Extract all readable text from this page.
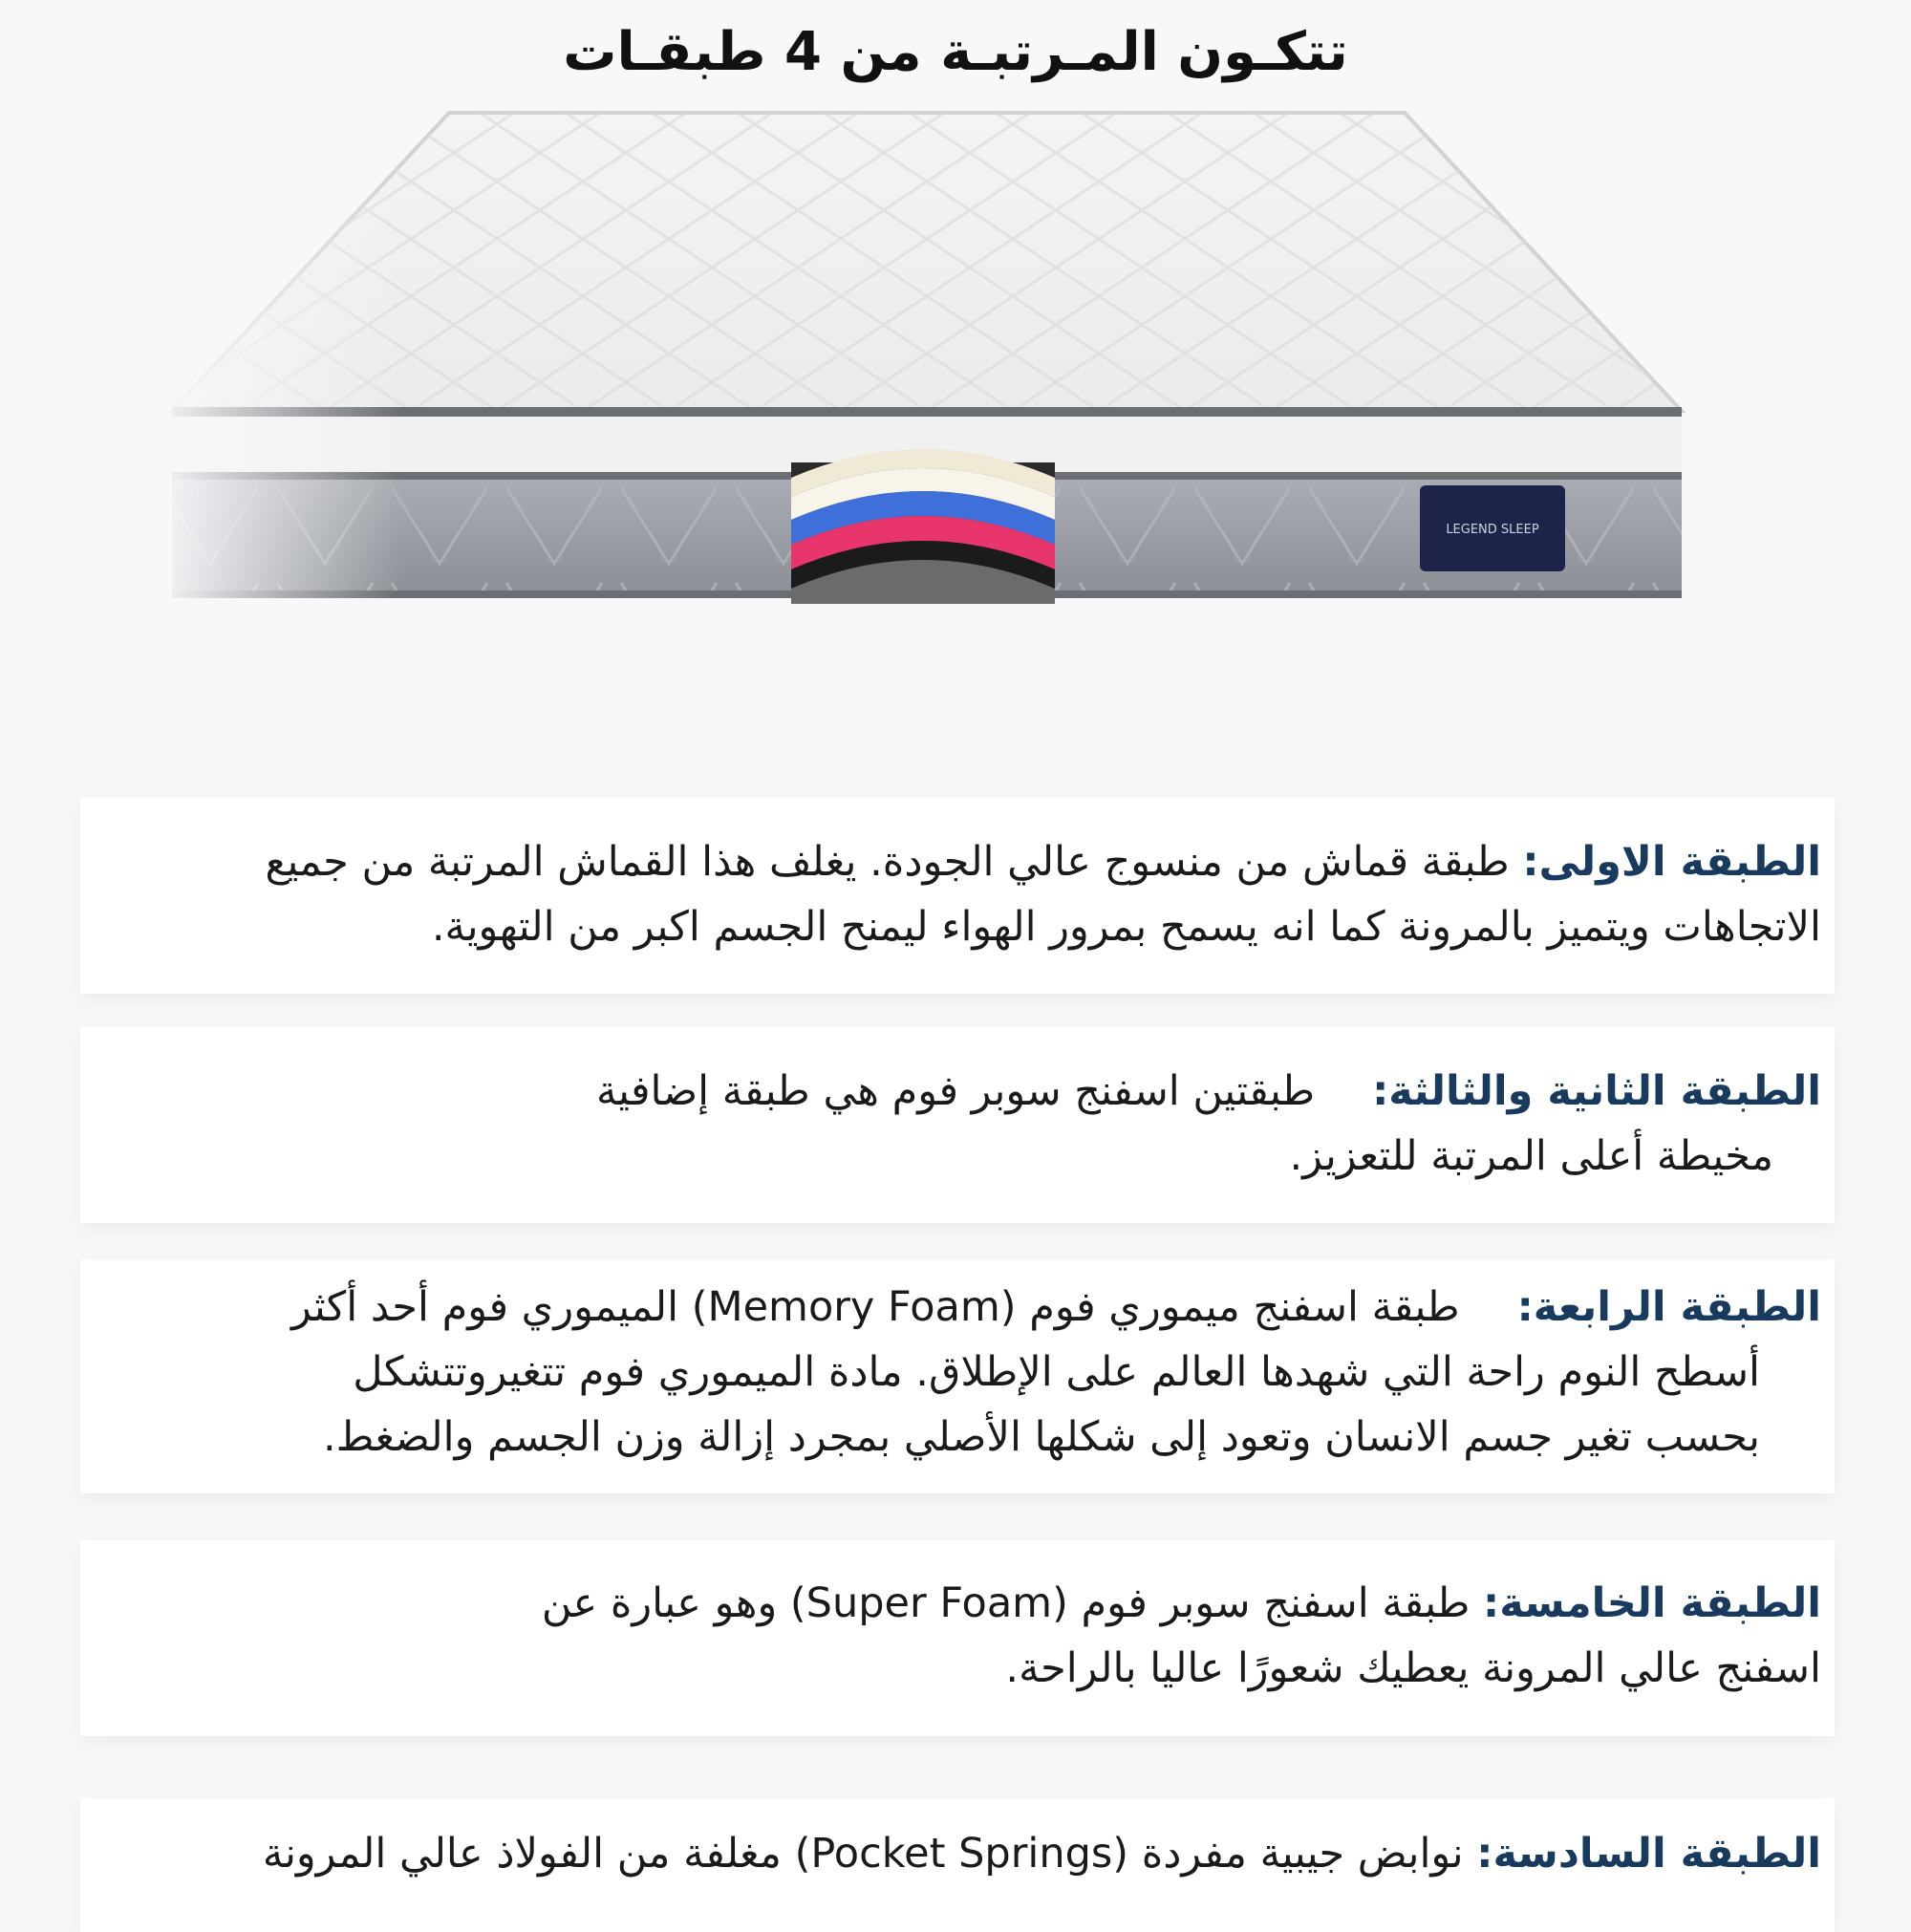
تتكـون المـرتبـة من 4 طبقـات
LEGEND SLEEP
الطبقة الاولى: طبقة قماش من منسوج عالي الجودة. يغلف هذا القماش المرتبة من جميع
الاتجاهات ويتميز بالمرونة كما انه يسمح بمرور الهواء ليمنح الجسم اكبر من التهوية.
الطبقة الثانية والثالثة:طبقتين اسفنج سوبر فوم هي طبقة إضافية
مخيطة أعلى المرتبة للتعزيز.
الطبقة الرابعة:طبقة اسفنج ميموري فوم (Memory Foam) الميموري فوم أحد أكثر
أسطح النوم راحة التي شهدها العالم على الإطلاق. مادة الميموري فوم تتغيروتتشكل
بحسب تغير جسم الانسان وتعود إلى شكلها الأصلي بمجرد إزالة وزن الجسم والضغط.
الطبقة الخامسة: طبقة اسفنج سوبر فوم (Super Foam) وهو عبارة عن
اسفنج عالي المرونة يعطيك شعورًا عاليا بالراحة.
الطبقة السادسة: نوابض جيبية مفردة (Pocket Springs) مغلفة من الفولاذ عالي المرونة
